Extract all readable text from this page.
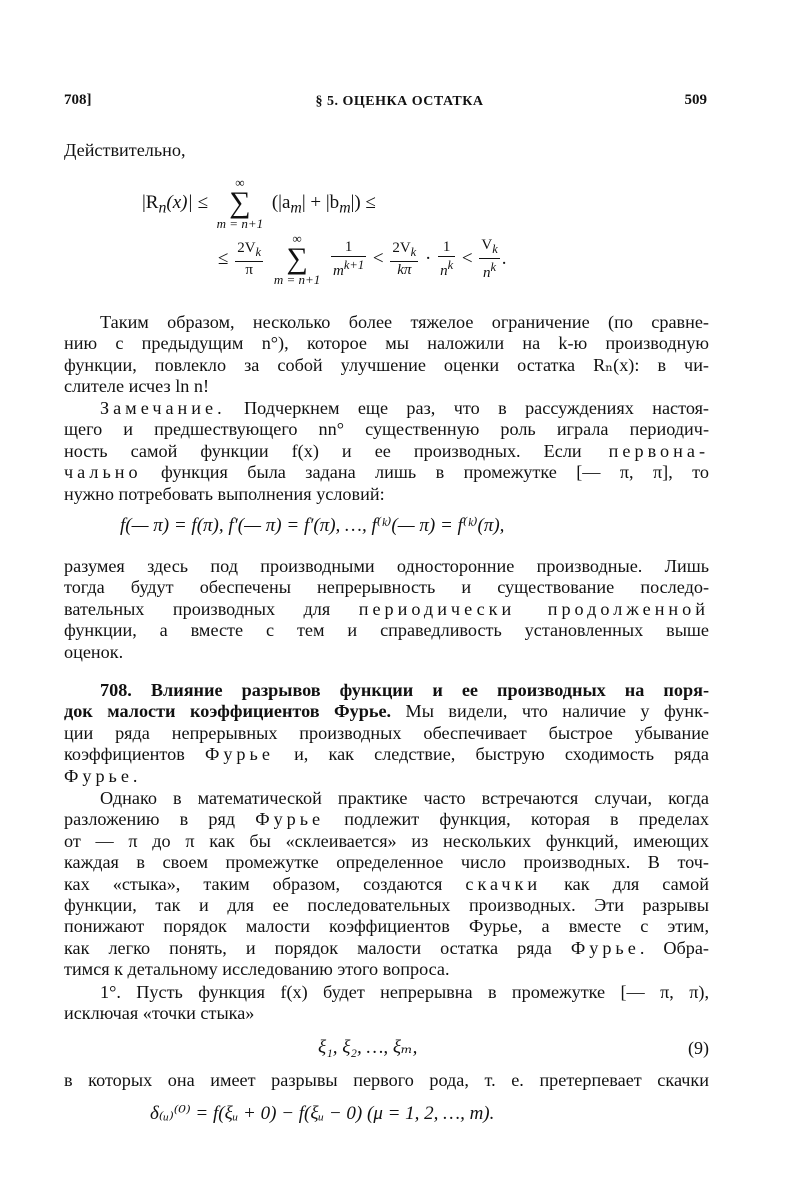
708]	§ 5. ОЦЕНКА ОСТАТКА	509
Действительно,
$|R_n(x)|$ ≤
∞
∑
m = n+1
$(|a_m| + |b_m|)$ ≤
≤ $\frac{2V_k}{\pi}$

∞
∑
m = n+1
$\frac{1}{m^{k+1}} < \frac{2V_k}{k\pi} \cdot \frac{1}{n^k} < \frac{V_k}{n^k}$ .
Таким образом, несколько более тяжелое ограничение (по сравне-
нию с предыдущим n°), которое мы наложили на k-ю производную
функции, повлекло за собой улучшение оценки остатка Rₙ(x): в чи-
слителе исчез ln n!
Замечание. Подчеркнем еще раз, что в рассуждениях настоя-
щего и предшествующего nn° существенную роль играла периодич-
ность самой функции f(x) и ее производных. Если первона-
чально функция была задана лишь в промежутке [— π, π], то
нужно потребовать выполнения условий:
f(— π) = f(π), f′(— π) = f′(π), …, f⁽ᵏ⁾(— π) = f⁽ᵏ⁾(π),
разумея здесь под производными односторонние производные. Лишь
тогда будут обеспечены непрерывность и существование последо-
вательных производных для периодически продолженной
функции, а вместе с тем и справедливость установленных выше
оценок.
708. Влияние разрывов функции и ее производных на поря-
док малости коэффициентов Фурье. Мы видели, что наличие у функ-
ции ряда непрерывных производных обеспечивает быстрое убывание
коэффициентов Фурье и, как следствие, быструю сходимость ряда
Фурье.
Однако в математической практике часто встречаются случаи, когда
разложению в ряд Фурье подлежит функция, которая в пределах
от — π до π как бы «склеивается» из нескольких функций, имеющих
каждая в своем промежутке определенное число производных. В точ-
ках «стыка», таким образом, создаются скачки как для самой
функции, так и для ее последовательных производных. Эти разрывы
понижают порядок малости коэффициентов Фурье, а вместе с этим,
как легко понять, и порядок малости остатка ряда Фурье. Обра-
тимся к детальному исследованию этого вопроса.
1°. Пусть функция f(x) будет непрерывна в промежутке [— π, π),
исключая «точки стыка»
ξ₁, ξ₂, …, ξₘ,	(9)
в которых она имеет разрывы первого рода, т. е. претерпевает скачки
δ₍ᵤ₎⁽⁰⁾ = f(ξᵤ + 0) − f(ξᵤ − 0) (μ = 1, 2, …, m).
